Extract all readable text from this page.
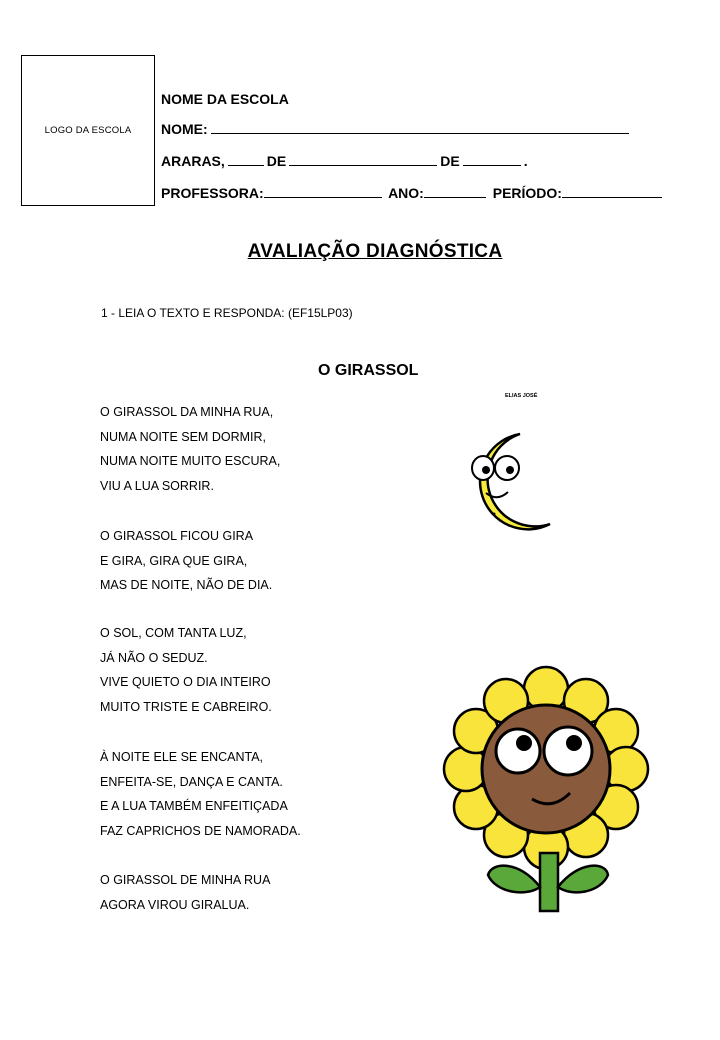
LOGO DA ESCOLA
NOME DA ESCOLA
NOME:
ARARAS,	DE	DE	.
PROFESSORA:	ANO:	PERÍODO:
AVALIAÇÃO DIAGNÓSTICA
1 - LEIA O TEXTO E RESPONDA: (EF15LP03)
O GIRASSOL
ELIAS JOSÉ
O GIRASSOL DA MINHA RUA,
NUMA NOITE SEM DORMIR,
NUMA NOITE MUITO ESCURA,
VIU A LUA SORRIR.
O GIRASSOL FICOU GIRA
E GIRA, GIRA QUE GIRA,
MAS DE NOITE, NÃO DE DIA.
O SOL, COM TANTA LUZ,
JÁ NÃO O SEDUZ.
VIVE QUIETO O DIA INTEIRO
MUITO TRISTE E CABREIRO.
À NOITE ELE SE ENCANTA,
ENFEITA-SE, DANÇA E CANTA.
E A LUA TAMBÉM ENFEITIÇADA
FAZ CAPRICHOS DE NAMORADA.
O GIRASSOL DE MINHA RUA
AGORA VIROU GIRALUA.
